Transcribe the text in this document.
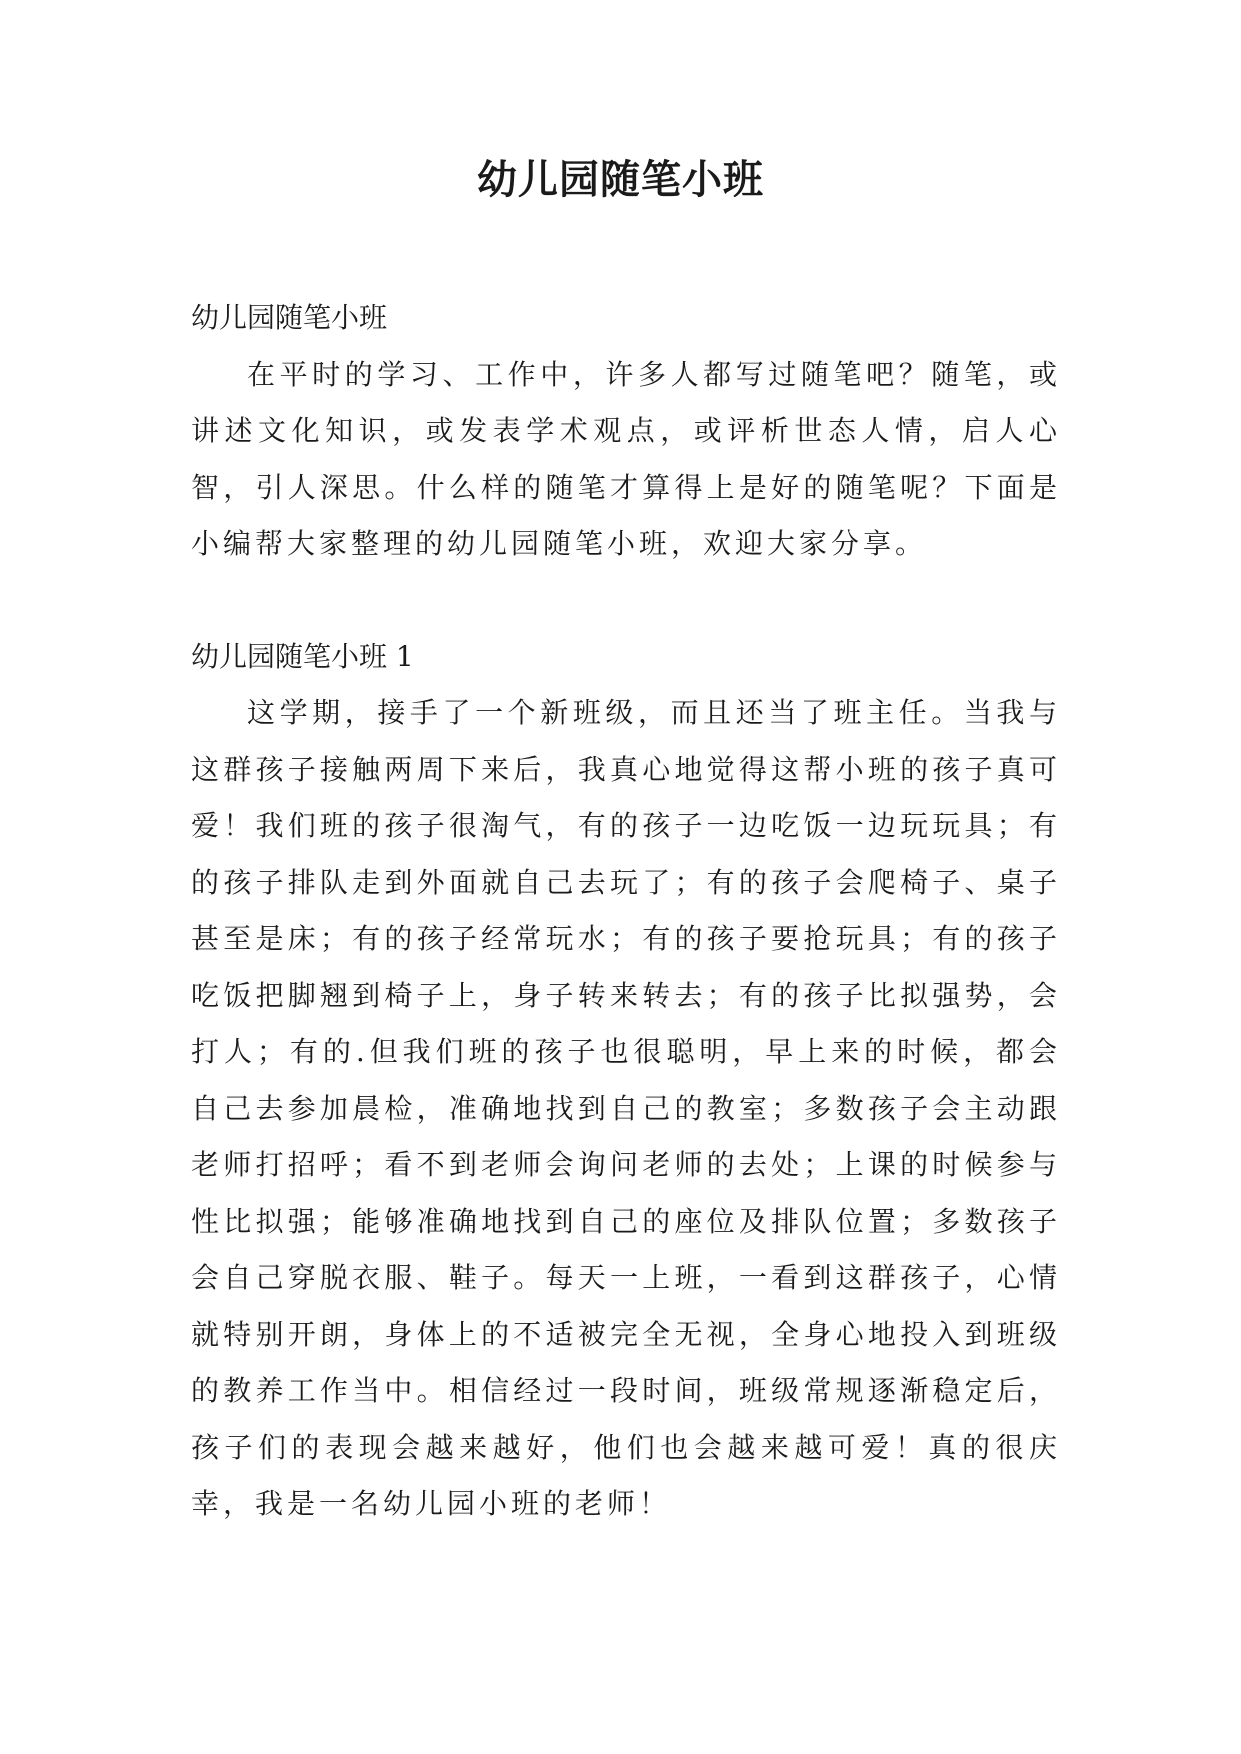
幼儿园随笔小班

幼儿园随笔小班

在平时的学习、工作中，许多人都写过随笔吧？随笔，或讲述文化知识，或发表学术观点，或评析世态人情，启人心智，引人深思。什么样的随笔才算得上是好的随笔呢？下面是小编帮大家整理的幼儿园随笔小班，欢迎大家分享。

幼儿园随笔小班 1

这学期，接手了一个新班级，而且还当了班主任。当我与这群孩子接触两周下来后，我真心地觉得这帮小班的孩子真可爱！我们班的孩子很淘气，有的孩子一边吃饭一边玩玩具；有的孩子排队走到外面就自己去玩了；有的孩子会爬椅子、桌子甚至是床；有的孩子经常玩水；有的孩子要抢玩具；有的孩子吃饭把脚翘到椅子上，身子转来转去；有的孩子比拟强势，会打人；有的.但我们班的孩子也很聪明，早上来的时候，都会自己去参加晨检，准确地找到自己的教室；多数孩子会主动跟老师打招呼；看不到老师会询问老师的去处；上课的时候参与性比拟强；能够准确地找到自己的座位及排队位置；多数孩子会自己穿脱衣服、鞋子。每天一上班，一看到这群孩子，心情就特别开朗，身体上的不适被完全无视，全身心地投入到班级的教养工作当中。相信经过一段时间，班级常规逐渐稳定后，孩子们的表现会越来越好，他们也会越来越可爱！真的很庆幸，我是一名幼儿园小班的老师！
